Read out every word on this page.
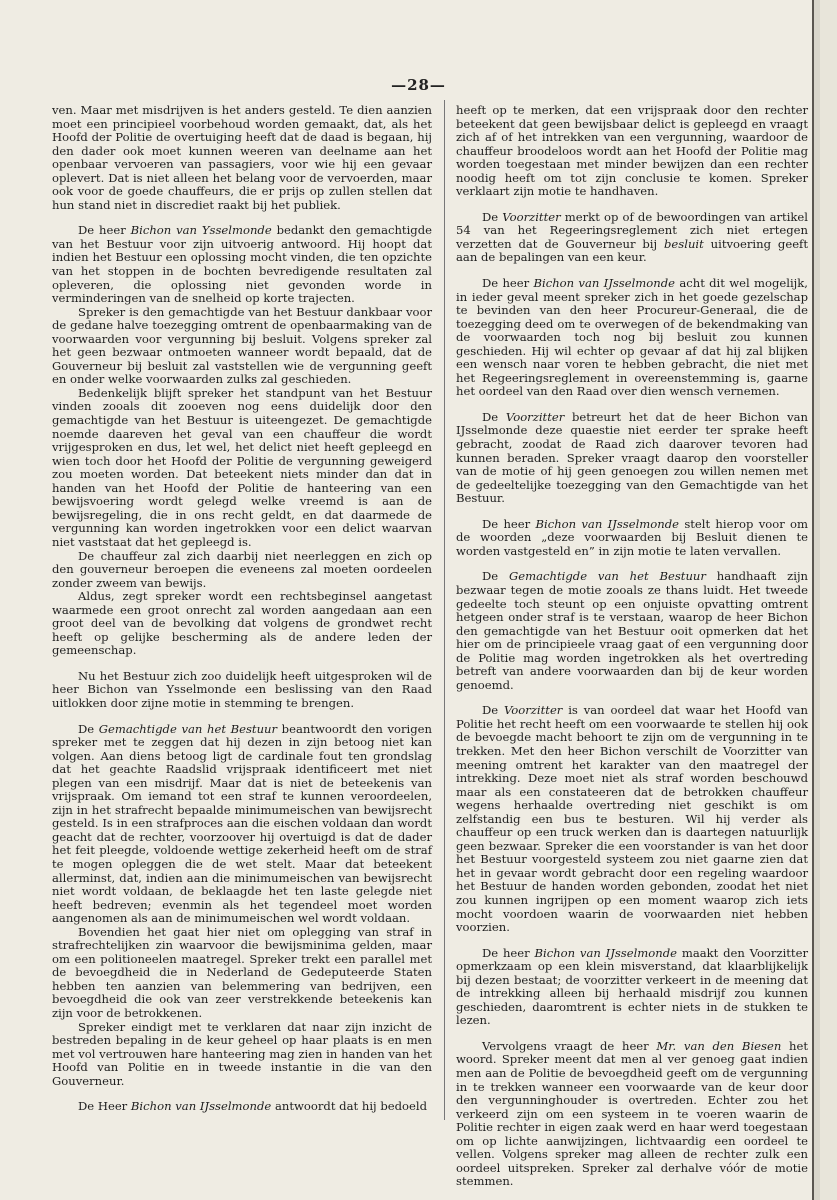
—28—

ven. Maar met misdrijven is het anders gesteld. Te dien aanzien moet een principieel voorbehoud worden gemaakt, dat, als het Hoofd der Politie de overtuiging heeft dat de daad is begaan, hij den dader ook moet kunnen weeren van deelname aan het openbaar vervoeren van passagiers, voor wie hij een gevaar oplevert. Dat is niet alleen het belang voor de vervoerden, maar ook voor de goede chauffeurs, die er prijs op zullen stellen dat hun stand niet in discrediet raakt bij het publiek.

De heer Bichon van Ysselmonde bedankt den gemachtigde van het Bestuur voor zijn uitvoerig antwoord. Hij hoopt dat indien het Bestuur een oplossing mocht vinden, die ten opzichte van het stoppen in de bochten bevredigende resultaten zal opleveren, die oplossing niet gevonden worde in verminderingen van de snelheid op korte trajecten.

Spreker is den gemachtigde van het Bestuur dankbaar voor de gedane halve toezegging omtrent de openbaarmaking van de voorwaarden voor vergunning bij besluit. Volgens spreker zal het geen bezwaar ontmoeten wanneer wordt bepaald, dat de Gouverneur bij besluit zal vaststellen wie de vergunning geeft en onder welke voorwaarden zulks zal geschieden.

Bedenkelijk blijft spreker het standpunt van het Bestuur vinden zooals dit zooeven nog eens duidelijk door den gemachtigde van het Bestuur is uiteengezet. De gemachtigde noemde daareven het geval van een chauffeur die wordt vrijgesproken en dus, let wel, het delict niet heeft gepleegd en wien toch door het Hoofd der Politie de vergunning geweigerd zou moeten worden. Dat beteekent niets minder dan dat in handen van het Hoofd der Politie de hanteering van een bewijsvoering wordt gelegd welke vreemd is aan de bewijsregeling, die in ons recht geldt, en dat daarmede de vergunning kan worden ingetrokken voor een delict waarvan niet vaststaat dat het gepleegd is.

De chauffeur zal zich daarbij niet neerleggen en zich op den gouverneur beroepen die eveneens zal moeten oordeelen zonder zweem van bewijs.

Aldus, zegt spreker wordt een rechtsbeginsel aangetast waarmede een groot onrecht zal worden aangedaan aan een groot deel van de bevolking dat volgens de grondwet recht heeft op gelijke bescherming als de andere leden der gemeenschap.

Nu het Bestuur zich zoo duidelijk heeft uitgesproken wil de heer Bichon van Ysselmonde een beslissing van den Raad uitlokken door zijne motie in stemming te brengen.

De Gemachtigde van het Bestuur beantwoordt den vorigen spreker met te zeggen dat hij dezen in zijn betoog niet kan volgen. Aan diens betoog ligt de cardinale fout ten grondslag dat het geachte Raadslid vrijspraak identificeert met niet plegen van een misdrijf. Maar dat is niet de beteekenis van vrijspraak. Om iemand tot een straf te kunnen veroordeelen, zijn in het strafrecht bepaalde minimumeischen van bewijsrecht gesteld. Is in een strafproces aan die eischen voldaan dan wordt geacht dat de rechter, voorzoover hij overtuigd is dat de dader het feit pleegde, voldoende wettige zekerheid heeft om de straf te mogen opleggen die de wet stelt. Maar dat beteekent allerminst, dat, indien aan die minimumeischen van bewijsrecht niet wordt voldaan, de beklaagde het ten laste gelegde niet heeft bedreven; evenmin als het tegendeel moet worden aangenomen als aan de minimumeischen wel wordt voldaan.

Bovendien het gaat hier niet om oplegging van straf in strafrechtelijken zin waarvoor die bewijsminima gelden, maar om een politioneelen maatregel. Spreker trekt een parallel met de bevoegdheid die in Nederland de Gedeputeerde Staten hebben ten aanzien van belemmering van bedrijven, een bevoegdheid die ook van zeer verstrekkende beteekenis kan zijn voor de betrokkenen.

Spreker eindigt met te verklaren dat naar zijn inzicht de bestreden bepaling in de keur geheel op haar plaats is en men met vol vertrouwen hare hanteering mag zien in handen van het Hoofd van Politie en in tweede instantie in die van den Gouverneur.

De Heer Bichon van IJsselmonde antwoordt dat hij bedoeld

heeft op te merken, dat een vrijspraak door den rechter beteekent dat geen bewijsbaar delict is gepleegd en vraagt zich af of het intrekken van een vergunning, waardoor de chauffeur broodeloos wordt aan het Hoofd der Politie mag worden toegestaan met minder bewijzen dan een rechter noodig heeft om tot zijn conclusie te komen. Spreker verklaart zijn motie te handhaven.

De Voorzitter merkt op of de bewoordingen van artikel 54 van het Regeeringsreglement zich niet ertegen verzetten dat de Gouverneur bij besluit uitvoering geeft aan de bepalingen van een keur.

De heer Bichon van IJsselmonde acht dit wel mogelijk, in ieder geval meent spreker zich in het goede gezelschap te bevinden van den heer Procureur-Generaal, die de toezegging deed om te overwegen of de bekendmaking van de voorwaarden toch nog bij besluit zou kunnen geschieden. Hij wil echter op gevaar af dat hij zal blijken een wensch naar voren te hebben gebracht, die niet met het Regeeringsreglement in overeenstemming is, gaarne het oordeel van den Raad over dien wensch vernemen.

De Voorzitter betreurt het dat de heer Bichon van IJsselmonde deze quaestie niet eerder ter sprake heeft gebracht, zoodat de Raad zich daarover tevoren had kunnen beraden. Spreker vraagt daarop den voorsteller van de motie of hij geen genoegen zou willen nemen met de gedeeltelijke toezegging van den Gemachtigde van het Bestuur.

De heer Bichon van IJsselmonde stelt hierop voor om de woorden „deze voorwaarden bij Besluit dienen te worden vastgesteld en” in zijn motie te laten vervallen.

De Gemachtigde van het Bestuur handhaaft zijn bezwaar tegen de motie zooals ze thans luidt. Het tweede gedeelte toch steunt op een onjuiste opvatting omtrent hetgeen onder straf is te verstaan, waarop de heer Bichon den gemachtigde van het Bestuur ooit opmerken dat het hier om de principieele vraag gaat of een vergunning door de Politie mag worden ingetrokken als het overtreding betreft van andere voorwaarden dan bij de keur worden genoemd.

De Voorzitter is van oordeel dat waar het Hoofd van Politie het recht heeft om een voorwaarde te stellen hij ook de bevoegde macht behoort te zijn om de vergunning in te trekken. Met den heer Bichon verschilt de Voorzitter van meening omtrent het karakter van den maatregel der intrekking. Deze moet niet als straf worden beschouwd maar als een constateeren dat de betrokken chauffeur wegens herhaalde overtreding niet geschikt is om zelfstandig een bus te besturen. Wil hij verder als chauffeur op een truck werken dan is daartegen natuurlijk geen bezwaar. Spreker die een voorstander is van het door het Bestuur voorgesteld systeem zou niet gaarne zien dat het in gevaar wordt gebracht door een regeling waardoor het Bestuur de handen worden gebonden, zoodat het niet zou kunnen ingrijpen op een moment waarop zich iets mocht voordoen waarin de voorwaarden niet hebben voorzien.

De heer Bichon van IJsselmonde maakt den Voorzitter opmerkzaam op een klein misverstand, dat klaarblijkelijk bij dezen bestaat; de voorzitter verkeert in de meening dat de intrekking alleen bij herhaald misdrijf zou kunnen geschieden, daaromtrent is echter niets in de stukken te lezen.

Vervolgens vraagt de heer Mr. van den Biesen het woord. Spreker meent dat men al ver genoeg gaat indien men aan de Politie de bevoegdheid geeft om de vergunning in te trekken wanneer een voorwaarde van de keur door den vergunninghouder is overtreden. Echter zou het verkeerd zijn om een systeem in te voeren waarin de Politie rechter in eigen zaak werd en haar werd toegestaan om op lichte aanwijzingen, lichtvaardig een oordeel te vellen. Volgens spreker mag alleen de rechter zulk een oordeel uitspreken. Spreker zal derhalve vóór de motie stemmen.
